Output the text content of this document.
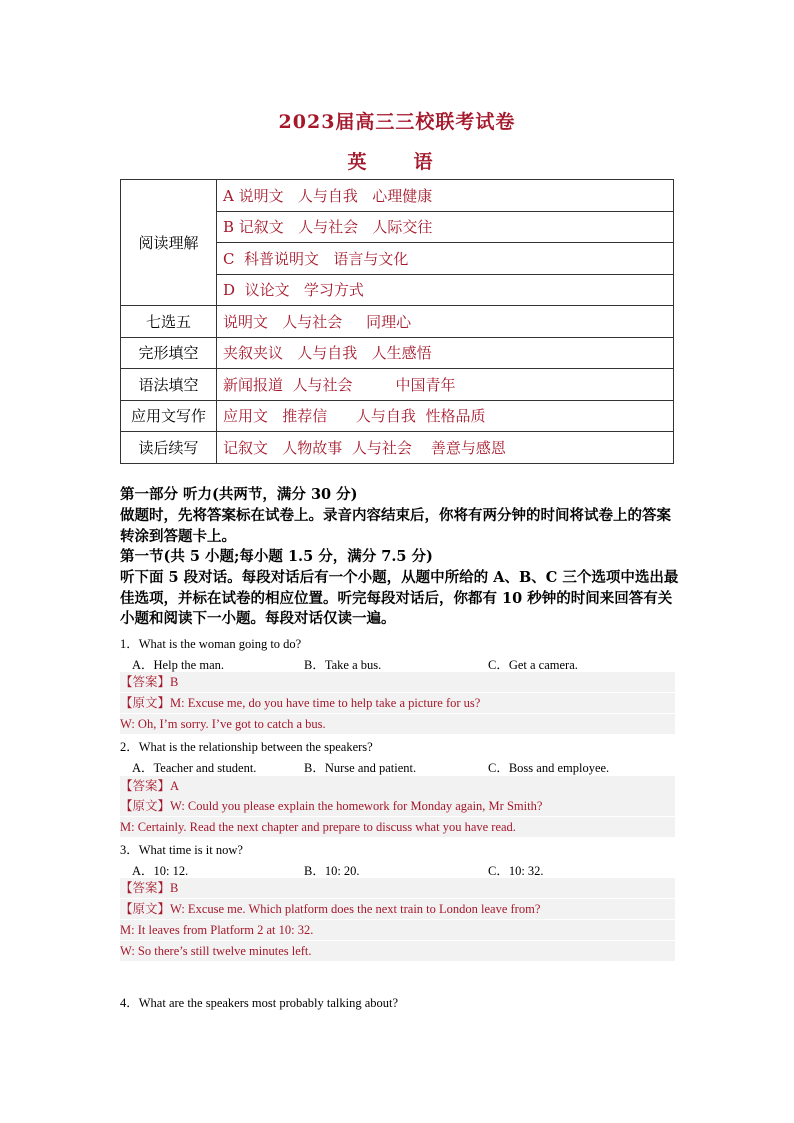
2023届高三三校联考试卷
英　语
阅读理解	A 说明文   人与自我   心理健康
	B 记叙文   人与社会   人际交往
	C  科普说明文   语言与文化
	D  议论文   学习方式
七选五	说明文   人与社会     同理心
完形填空	夹叙夹议   人与自我   人生感悟
语法填空	新闻报道  人与社会         中国青年
应用文写作	应用文   推荐信      人与自我  性格品质
读后续写	记叙文   人物故事  人与社会    善意与感恩
第一部分 听力(共两节，满分 30 分)
做题时，先将答案标在试卷上。录音内容结束后，你将有两分钟的时间将试卷上的答案转涂到答题卡上。
第一节(共 5 小题;每小题 1.5 分，满分 7.5 分)
听下面 5 段对话。每段对话后有一个小题，从题中所给的 A、B、C 三个选项中选出最佳选项，并标在试卷的相应位置。听完每段对话后，你都有 10 秒钟的时间来回答有关小题和阅读下一小题。每段对话仅读一遍。
1．What is the woman going to do?
A．Help the man.	B．Take a bus.	C．Get a camera.
【答案】B
【原文】M: Excuse me, do you have time to help take a picture for us?
W: Oh, I’m sorry. I’ve got to catch a bus.
2．What is the relationship between the speakers?
A．Teacher and student.	B．Nurse and patient.	C．Boss and employee.
【答案】A
【原文】W: Could you please explain the homework for Monday again, Mr Smith?
M: Certainly. Read the next chapter and prepare to discuss what you have read.
3．What time is it now?
A．10: 12.	B．10: 20.	C．10: 32.
【答案】B
【原文】W: Excuse me. Which platform does the next train to London leave from?
M: It leaves from Platform 2 at 10: 32.
W: So there’s still twelve minutes left.
4．What are the speakers most probably talking about?
